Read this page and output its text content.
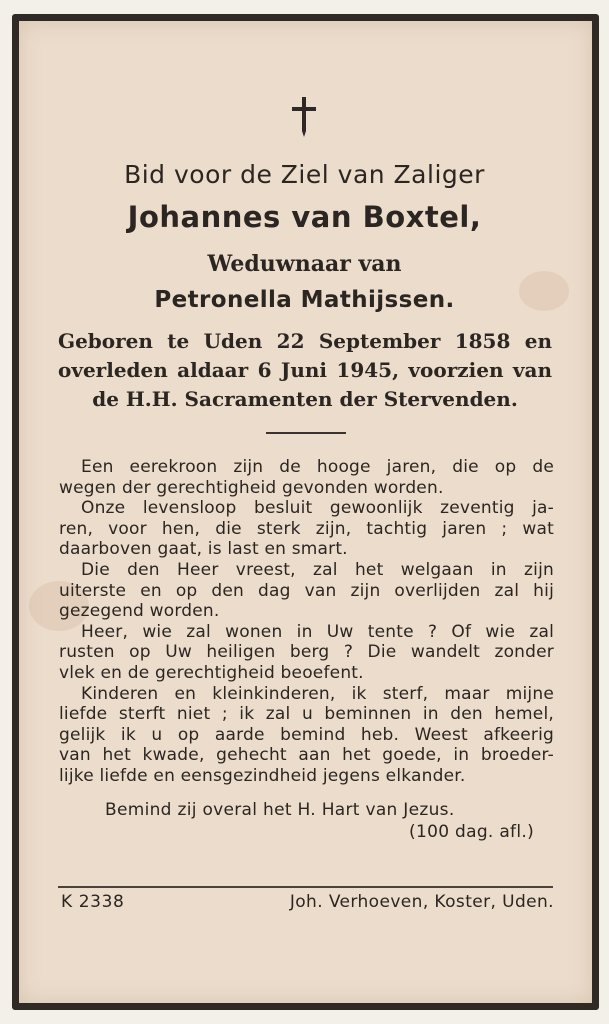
Bid voor de Ziel van Zaliger
Johannes van Boxtel,
Weduwnaar van
Petronella Mathijssen.
Geboren te Uden 22 September 1858 en
overleden aldaar 6 Juni 1945, voorzien van
de H.H. Sacramenten der Stervenden.
Een eerekroon zijn de hooge jaren, die op de
wegen der gerechtigheid gevonden worden.
Onze levensloop besluit gewoonlijk zeventig ja-
ren, voor hen, die sterk zijn, tachtig jaren ; wat
daarboven gaat, is last en smart.
Die den Heer vreest, zal het welgaan in zijn
uiterste en op den dag van zijn overlijden zal hij
gezegend worden.
Heer, wie zal wonen in Uw tente ? Of wie zal
rusten op Uw heiligen berg ? Die wandelt zonder
vlek en de gerechtigheid beoefent.
Kinderen en kleinkinderen, ik sterf, maar mijne
liefde sterft niet ; ik zal u beminnen in den hemel,
gelijk ik u op aarde bemind heb. Weest afkeerig
van het kwade, gehecht aan het goede, in broeder-
lijke liefde en eensgezindheid jegens elkander.
Bemind zij overal het H. Hart van Jezus.
(100 dag. afl.)
K 2338	Joh. Verhoeven, Koster, Uden.
